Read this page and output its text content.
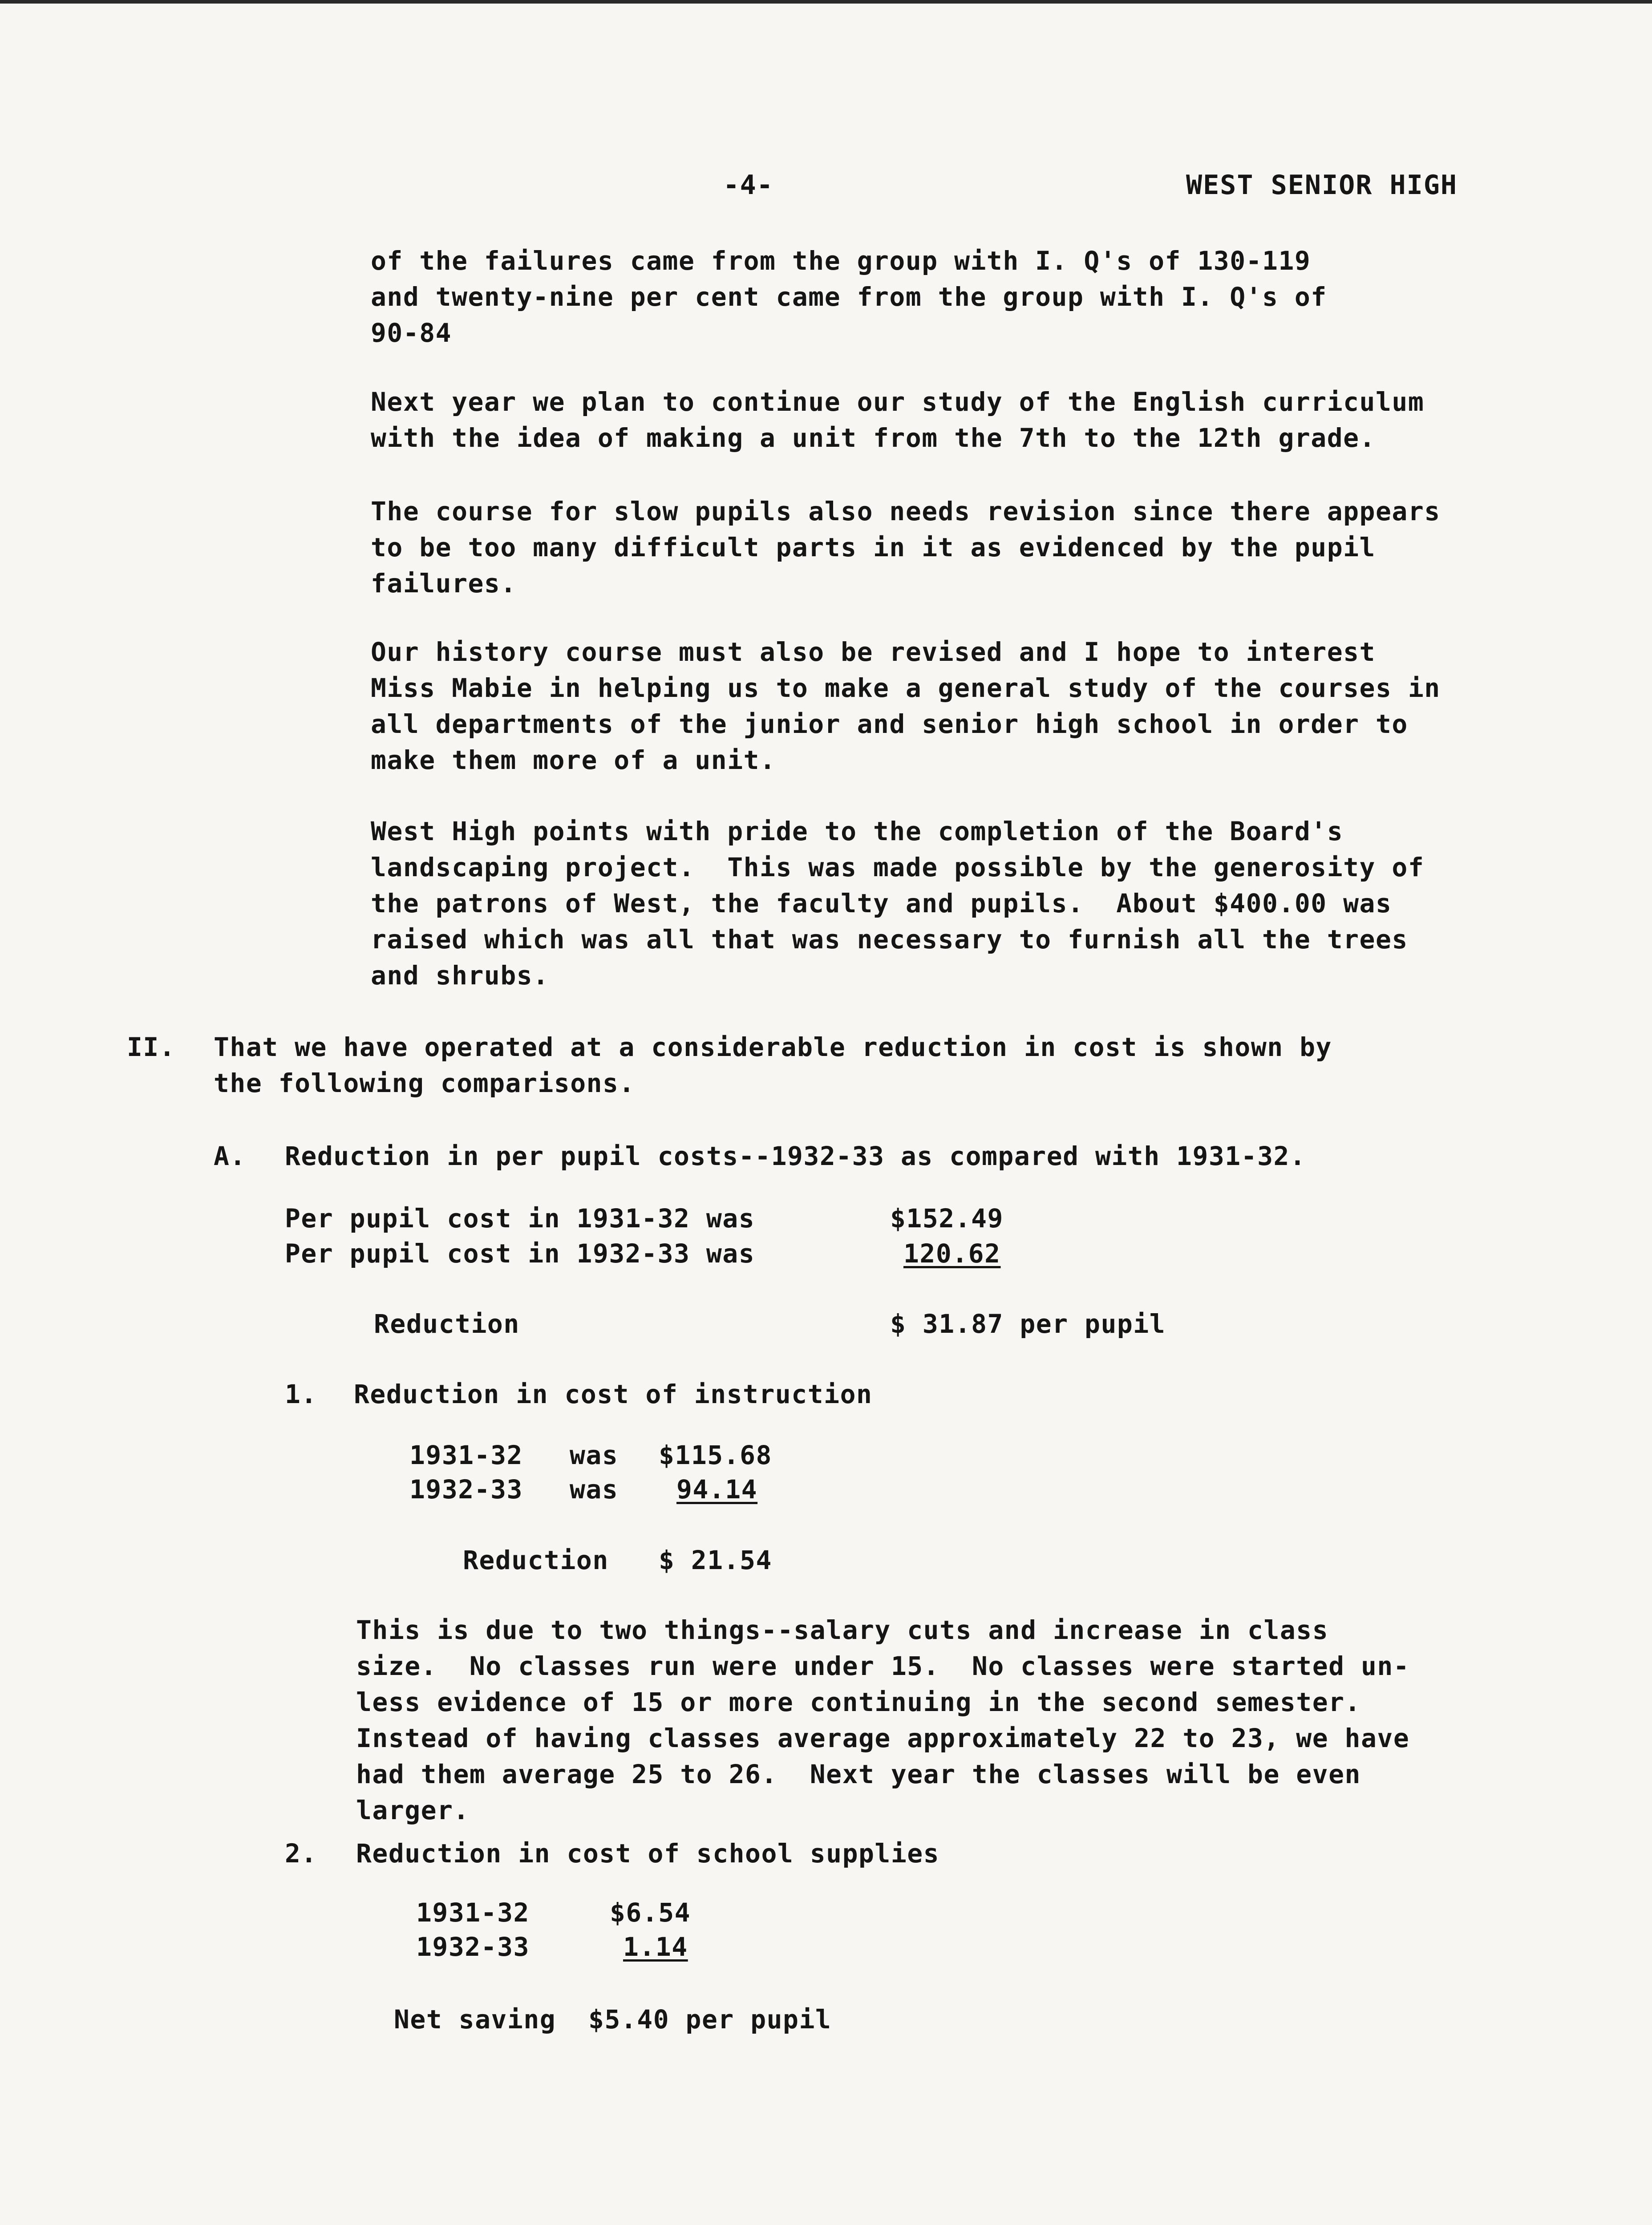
-4-	WEST SENIOR HIGH

of the failures came from the group with I. Q's of 130-119

and twenty-nine per cent came from the group with I. Q's of

90-84

Next year we plan to continue our study of the English curriculum

with the idea of making a unit from the 7th to the 12th grade.

The course for slow pupils also needs revision since there appears

to be too many difficult parts in it as evidenced by the pupil

failures.

Our history course must also be revised and I hope to interest

Miss Mabie in helping us to make a general study of the courses in

all departments of the junior and senior high school in order to

make them more of a unit.

West High points with pride to the completion of the Board's

landscaping project.  This was made possible by the generosity of

the patrons of West, the faculty and pupils.  About $400.00 was

raised which was all that was necessary to furnish all the trees

and shrubs.

II. That we have operated at a considerable reduction in cost is shown by

the following comparisons.

A. Reduction in per pupil costs--1932-33 as compared with 1931-32.

Per pupil cost in 1931-32 was	$152.49

Per pupil cost in 1932-33 was	120.62

Reduction	$ 31.87 per pupil

1. Reduction in cost of instruction

1931-32 was $115.68

1932-33 was 94.14

Reduction $ 21.54

This is due to two things--salary cuts and increase in class

size.  No classes run were under 15.  No classes were started un-

less evidence of 15 or more continuing in the second semester.

Instead of having classes average approximately 22 to 23, we have

had them average 25 to 26.  Next year the classes will be even

larger.

2. Reduction in cost of school supplies

1931-32	$6.54

1932-33	1.14

Net saving  $5.40 per pupil
